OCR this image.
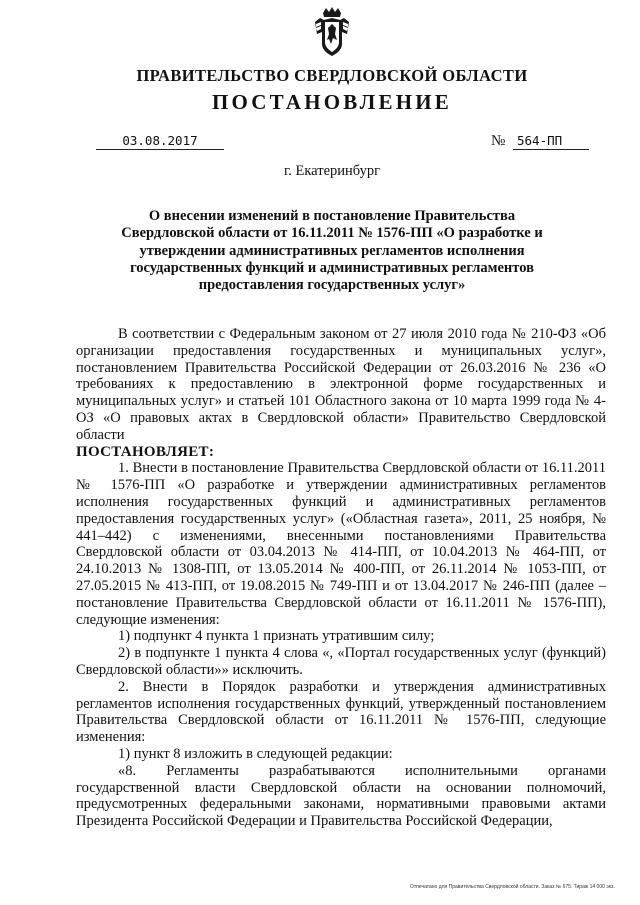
ПРАВИТЕЛЬСТВО СВЕРДЛОВСКОЙ ОБЛАСТИ
ПОСТАНОВЛЕНИЕ
03.08.2017	№ 564-ПП
г. Екатеринбург
О внесении изменений в постановление Правительства Свердловской области от 16.11.2011 № 1576-ПП «О разработке и утверждении административных регламентов исполнения государственных функций и административных регламентов предоставления государственных услуг»

В соответствии с Федеральным законом от 27 июля 2010 года № 210-ФЗ «Об организации предоставления государственных и муниципальных услуг», постановлением Правительства Российской Федерации от 26.03.2016 № 236 «О требованиях к предоставлению в электронной форме государственных и муниципальных услуг» и статьей 101 Областного закона от 10 марта 1999 года № 4-ОЗ «О правовых актах в Свердловской области» Правительство Свердловской области

ПОСТАНОВЛЯЕТ:

1. Внести в постановление Правительства Свердловской области от 16.11.2011 № 1576-ПП «О разработке и утверждении административных регламентов исполнения государственных функций и административных регламентов предоставления государственных услуг» («Областная газета», 2011, 25 ноября, № 441–442) с изменениями, внесенными постановлениями Правительства Свердловской области от 03.04.2013 № 414-ПП, от 10.04.2013 № 464-ПП, от 24.10.2013 № 1308-ПП, от 13.05.2014 № 400-ПП, от 26.11.2014 № 1053-ПП, от 27.05.2015 № 413-ПП, от 19.08.2015 № 749-ПП и от 13.04.2017 № 246-ПП (далее – постановление Правительства Свердловской области от 16.11.2011 № 1576-ПП), следующие изменения:

1) подпункт 4 пункта 1 признать утратившим силу;

2) в подпункте 1 пункта 4 слова «, «Портал государственных услуг (функций) Свердловской области»» исключить.

2. Внести в Порядок разработки и утверждения административных регламентов исполнения государственных функций, утвержденный постановлением Правительства Свердловской области от 16.11.2011 № 1576-ПП, следующие изменения:

1) пункт 8 изложить в следующей редакции:

«8. Регламенты разрабатываются исполнительными органами государственной власти Свердловской области на основании полномочий, предусмотренных федеральными законами, нормативными правовыми актами Президента Российской Федерации и Правительства Российской Федерации,

Отпечатано для Правительства Свердловской области. Заказ № 675. Тираж 14 000 экз.
